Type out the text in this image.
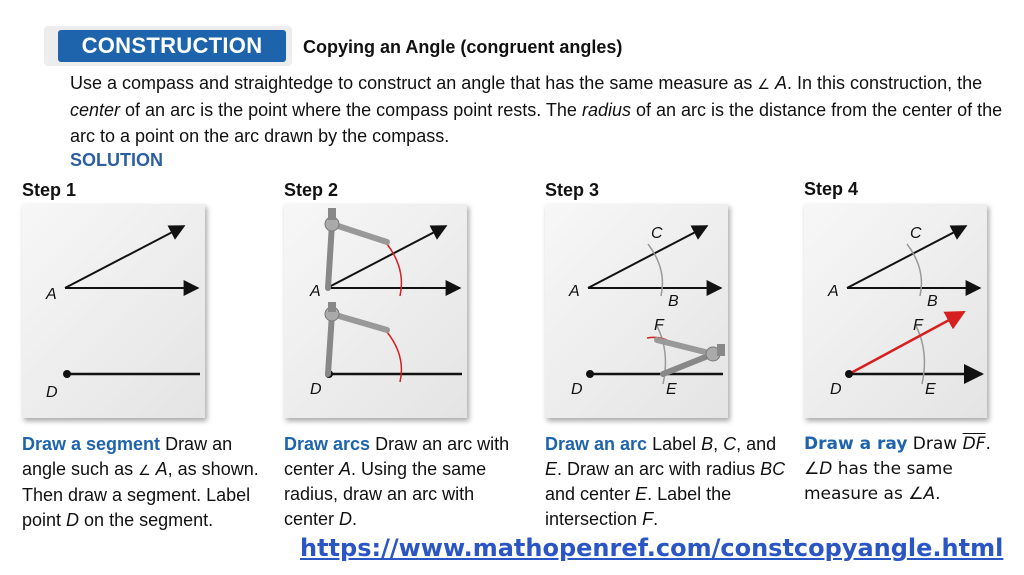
CONSTRUCTION	Copying an Angle (congruent angles)
Use a compass and straightedge to construct an angle that has the same measure as ∠ A. In this construction, the center of an arc is the point where the compass point rests. The radius of an arc is the distance from the center of the arc to a point on the arc drawn by the compass.
SOLUTION
Step 1	Step 2	Step 3	Step 4
A
D
A
D
C
B
A
F
D	E
C
B
A
F
D	E
Draw a segment Draw an angle such as ∠ A, as shown. Then draw a segment. Label point D on the segment.
Draw arcs Draw an arc with center A. Using the same radius, draw an arc with center D.
Draw an arc Label B, C, and E. Draw an arc with radius BC and center E. Label the intersection F.
Draw a ray Draw $\overline{DF}$. ∠D has the same measure as ∠A.
https://www.mathopenref.com/constcopyangle.html
